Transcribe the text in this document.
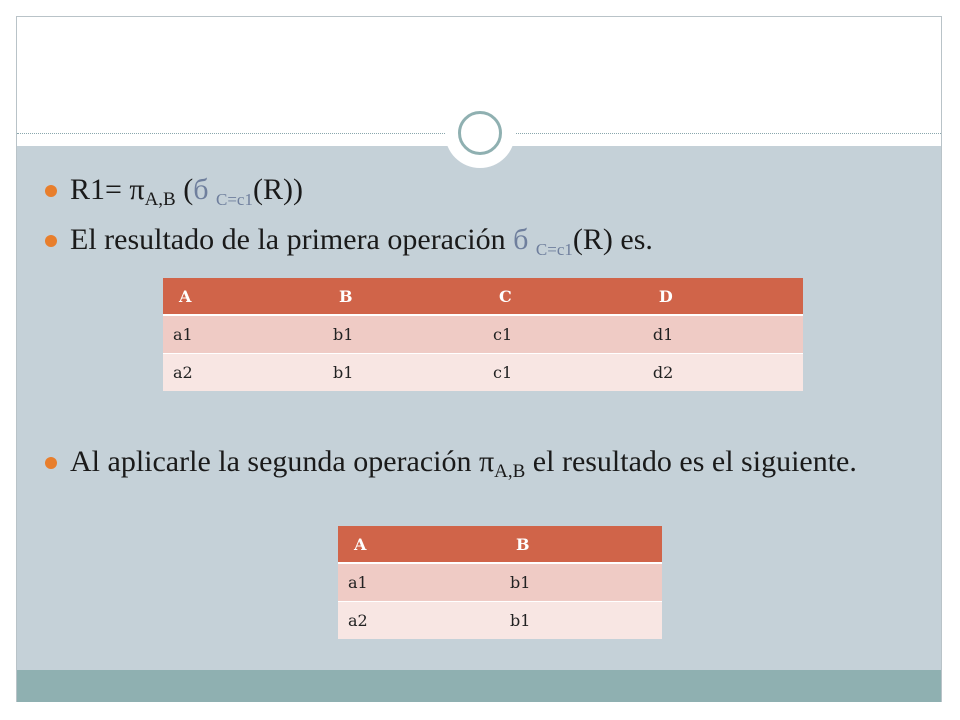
$R1= \pi_{A,B}$ (б $_{C=c1}$(R))
El resultado de la primera operación б $_{C=c1}$(R) es.
Al aplicarle la segunda operación $\pi_{A,B}$ el resultado es el siguiente.
A	B	C	D
a1	b1	c1	d1
a2	b1	c1	d2
A	B
a1	b1
a2	b1
